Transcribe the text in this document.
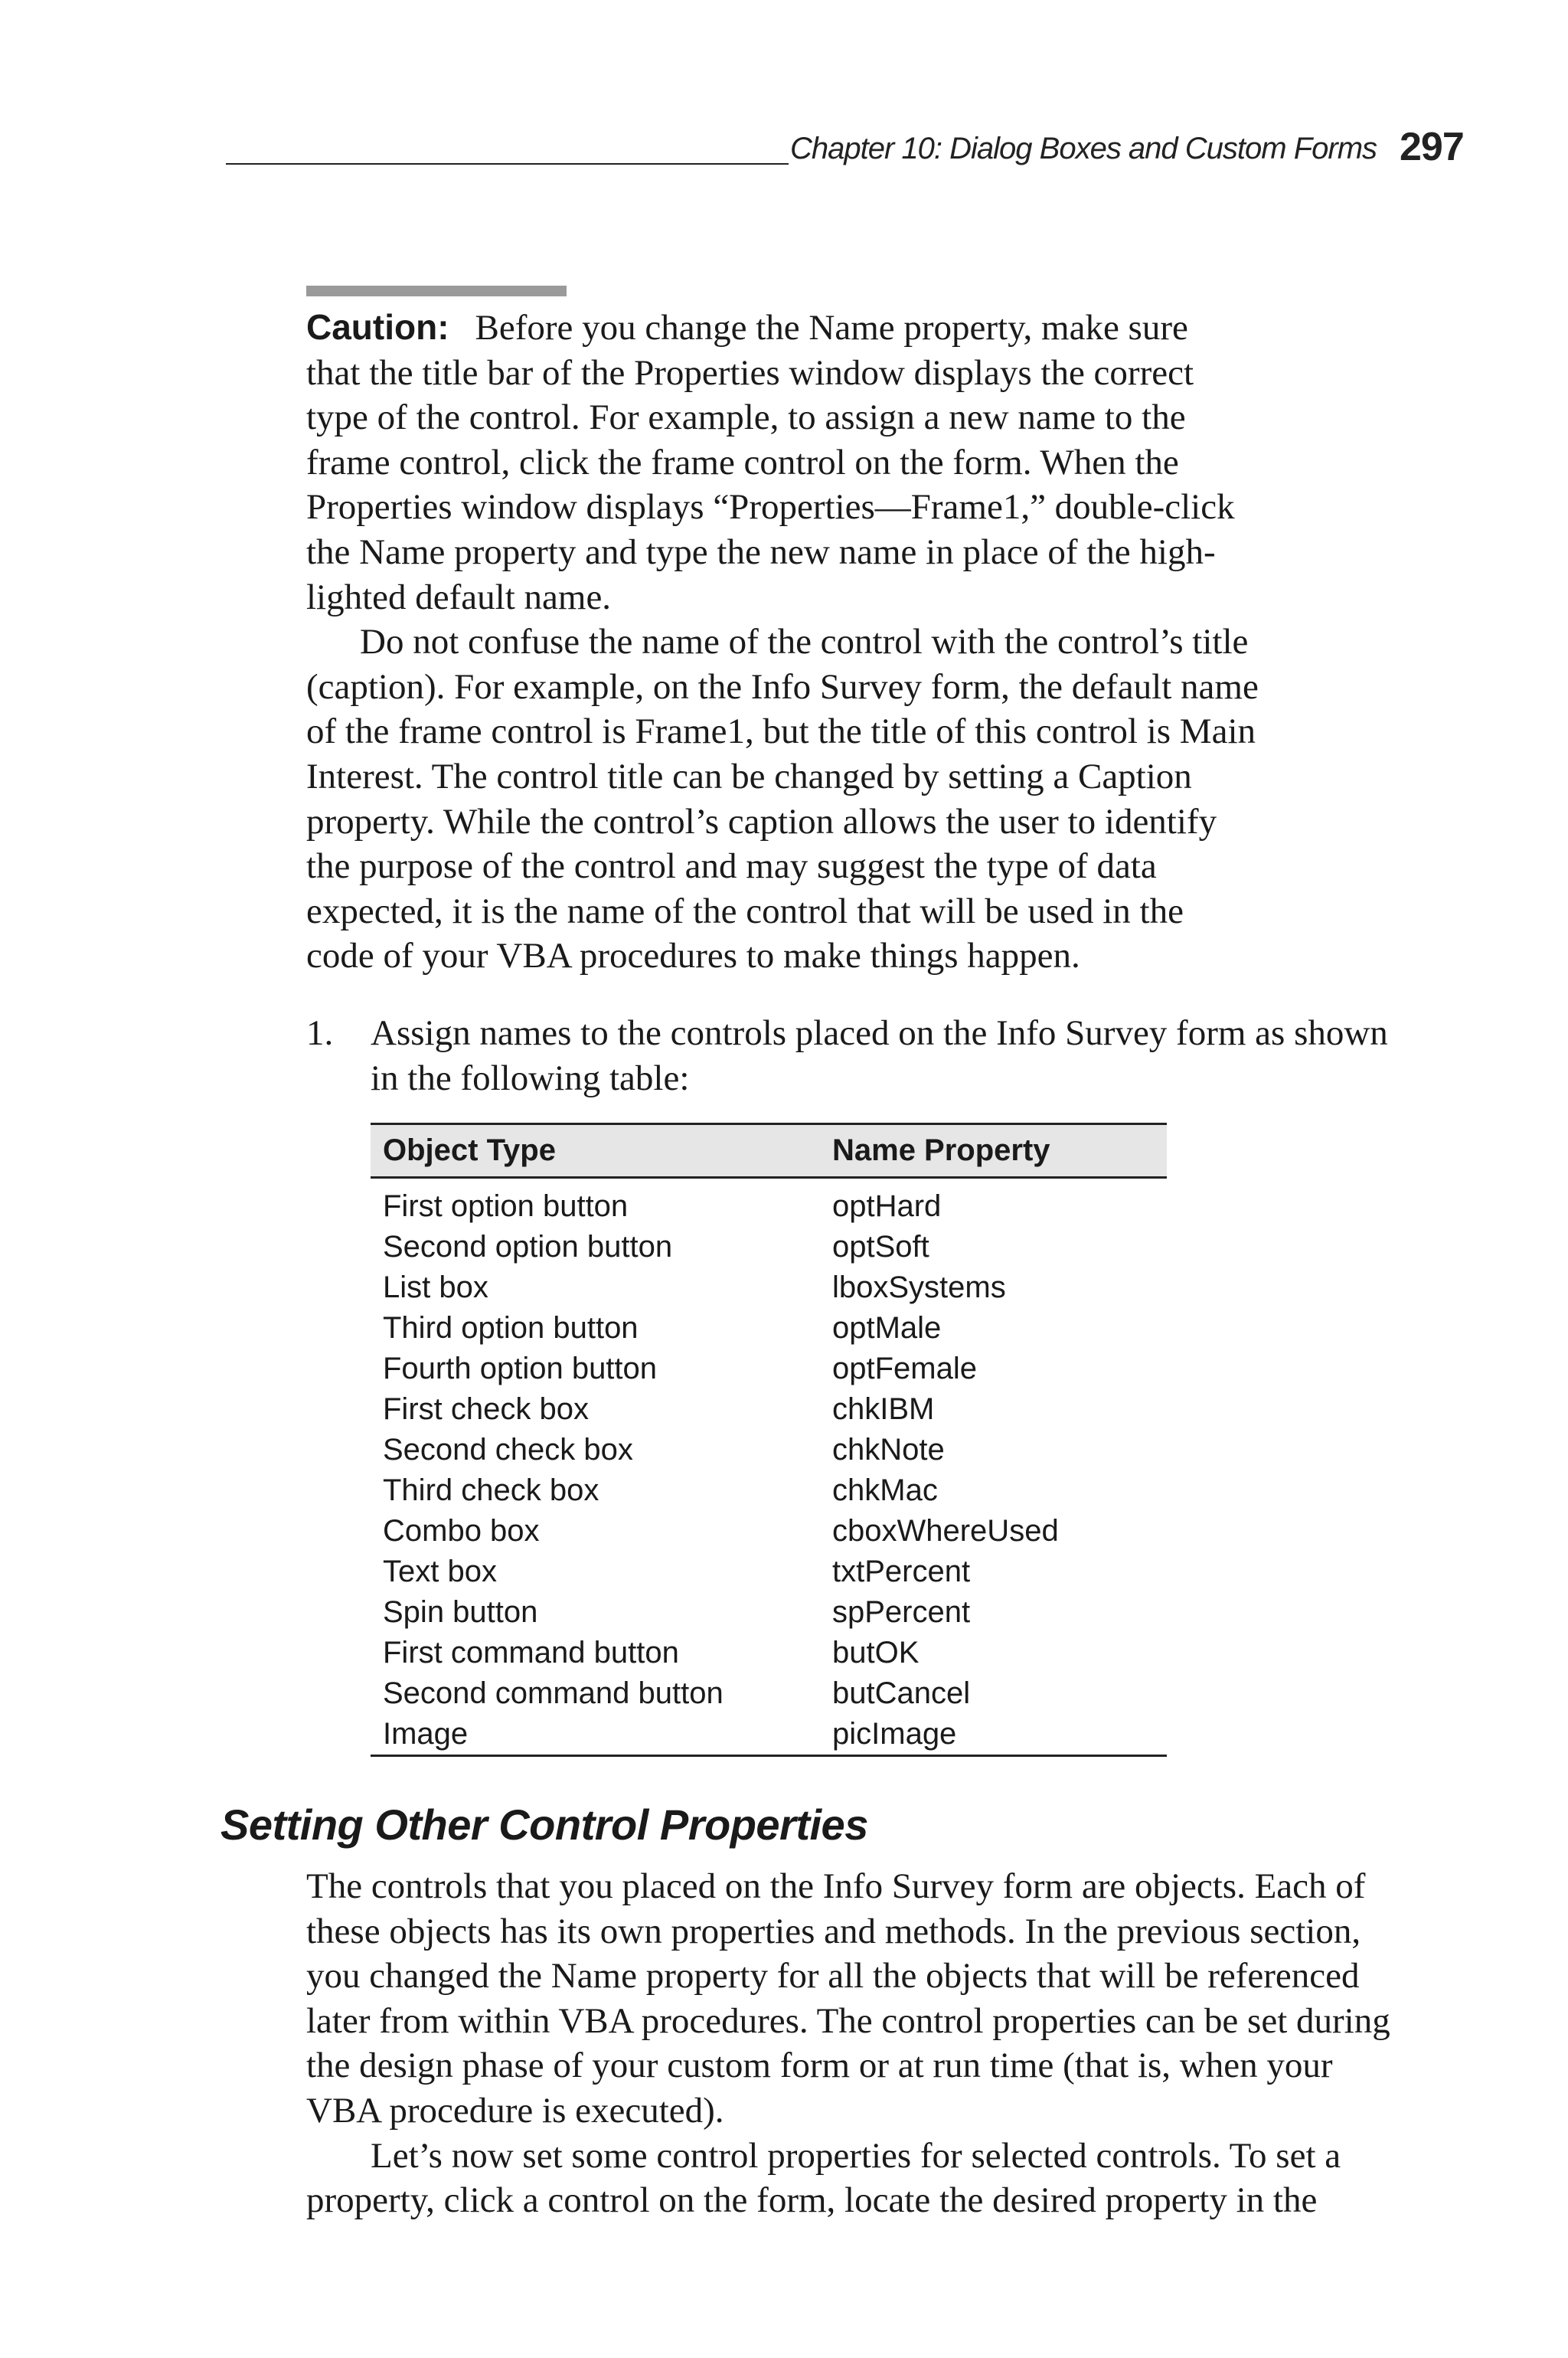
Chapter 10: Dialog Boxes and Custom Forms 297
Caution: Before you change the Name property, make sure
that the title bar of the Properties window displays the correct
type of the control. For example, to assign a new name to the
frame control, click the frame control on the form. When the
Properties window displays “Properties—Frame1,” double-click
the Name property and type the new name in place of the high-
lighted default name.
Do not confuse the name of the control with the control’s title
(caption). For example, on the Info Survey form, the default name
of the frame control is Frame1, but the title of this control is Main
Interest. The control title can be changed by setting a Caption
property. While the control’s caption allows the user to identify
the purpose of the control and may suggest the type of data
expected, it is the name of the control that will be used in the
code of your VBA procedures to make things happen.
1. Assign names to the controls placed on the Info Survey form as shown
in the following table:
Object Type	Name Property
First option button	optHard
Second option button	optSoft
List box	lboxSystems
Third option button	optMale
Fourth option button	optFemale
First check box	chkIBM
Second check box	chkNote
Third check box	chkMac
Combo box	cboxWhereUsed
Text box	txtPercent
Spin button	spPercent
First command button	butOK
Second command button	butCancel
Image	picImage
Setting Other Control Properties
The controls that you placed on the Info Survey form are objects. Each of
these objects has its own properties and methods. In the previous section,
you changed the Name property for all the objects that will be referenced
later from within VBA procedures. The control properties can be set during
the design phase of your custom form or at run time (that is, when your
VBA procedure is executed).
Let’s now set some control properties for selected controls. To set a
property, click a control on the form, locate the desired property in the
